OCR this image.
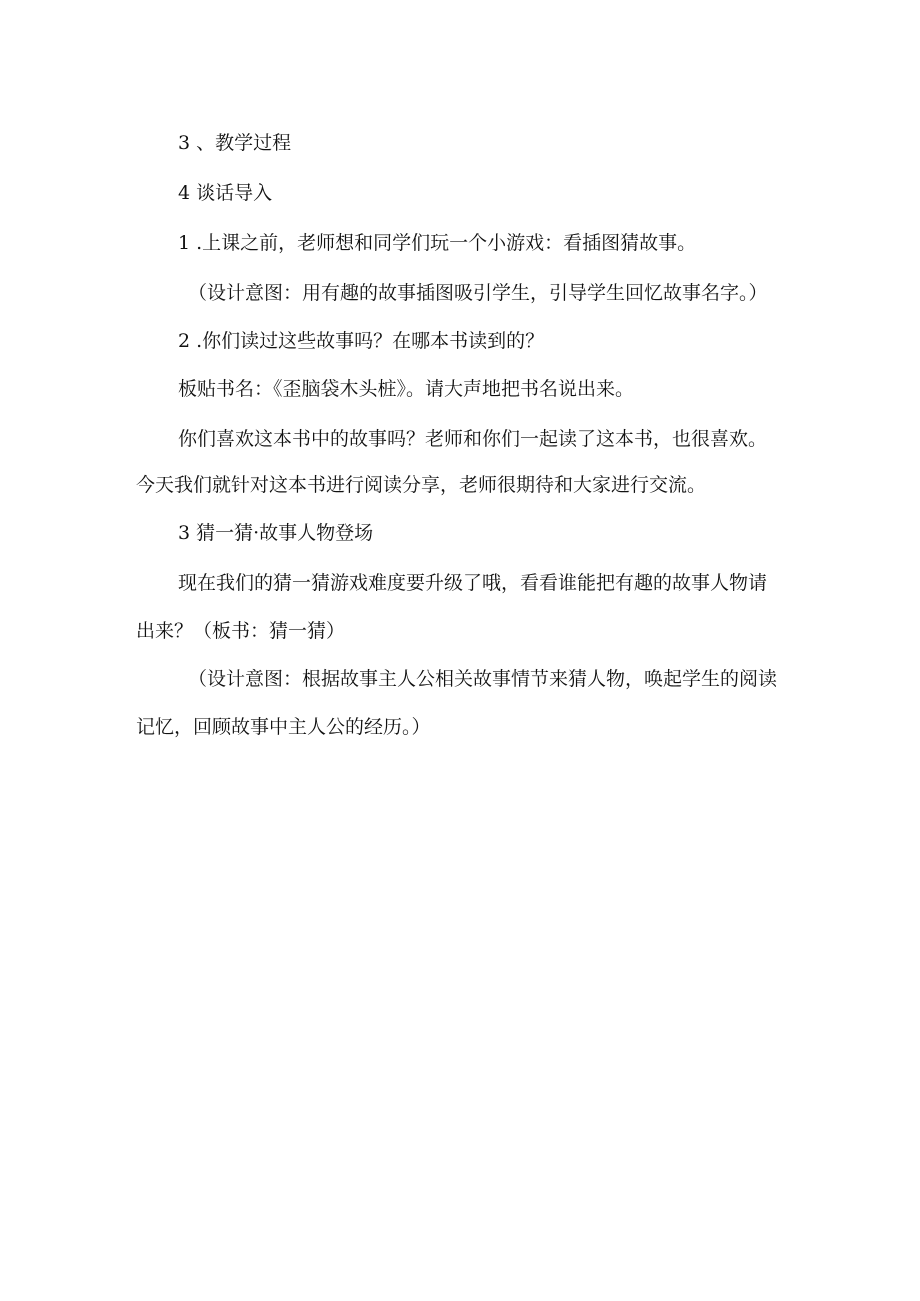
3 、教学过程
4 谈话导入
1 .上课之前，老师想和同学们玩一个小游戏：看插图猜故事。
（设计意图：用有趣的故事插图吸引学生，引导学生回忆故事名字。）
2 .你们读过这些故事吗？在哪本书读到的？
板贴书名：《歪脑袋木头桩》。请大声地把书名说出来。
你们喜欢这本书中的故事吗？老师和你们一起读了这本书，也很喜欢。
今天我们就针对这本书进行阅读分享，老师很期待和大家进行交流。
3 猜一猜·故事人物登场
现在我们的猜一猜游戏难度要升级了哦，看看谁能把有趣的故事人物请
出来？（板书：猜一猜）
（设计意图：根据故事主人公相关故事情节来猜人物，唤起学生的阅读
记忆，回顾故事中主人公的经历。）
